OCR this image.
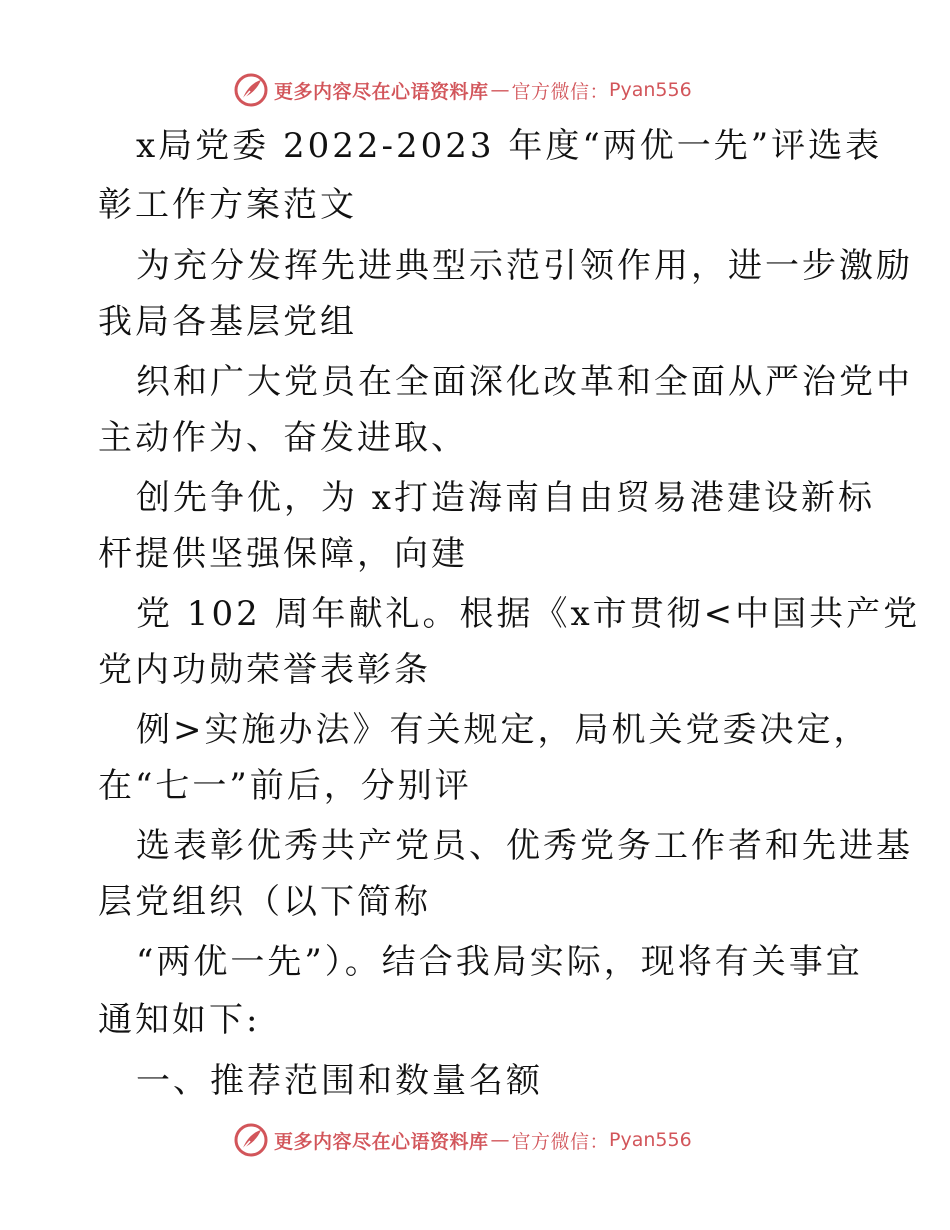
更多内容尽在心语资料库 — 官方微信： Pyan556
x局党委 2022-2023 年度“两优一先”评选表
彰工作方案范文
为充分发挥先进典型示范引领作用，进一步激励
我局各基层党组
织和广大党员在全面深化改革和全面从严治党中
主动作为、奋发进取、
创先争优，为 x打造海南自由贸易港建设新标
杆提供坚强保障，向建
党 102 周年献礼。根据《x市贯彻<中国共产党
党内功勋荣誉表彰条
例>实施办法》有关规定，局机关党委决定，
在“七一”前后，分别评
选表彰优秀共产党员、优秀党务工作者和先进基
层党组织（以下简称
“两优一先”）。结合我局实际，现将有关事宜
通知如下:
一、推荐范围和数量名额
更多内容尽在心语资料库 — 官方微信： Pyan556
